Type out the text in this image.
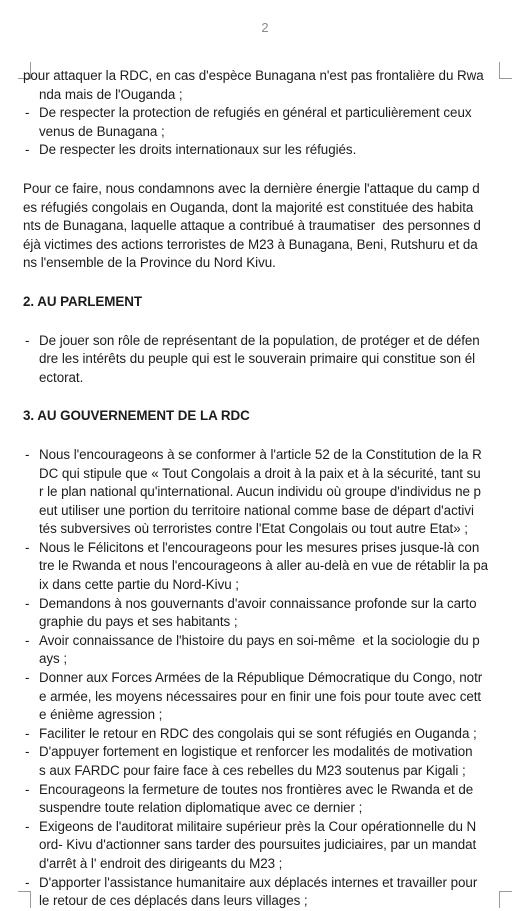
2
pour attaquer la RDC, en cas d'espèce Bunagana n'est pas frontalière du Rwa
nda mais de l'Ouganda ;
- De respecter la protection de refugiés en général et particulièrement ceux
venus de Bunagana ;
- De respecter les droits internationaux sur les réfugiés.
Pour ce faire, nous condamnons avec la dernière énergie l'attaque du camp d
es réfugiés congolais en Ouganda, dont la majorité est constituée des habita
nts de Bunagana, laquelle attaque a contribué à traumatiser  des personnes d
éjà victimes des actions terroristes de M23 à Bunagana, Beni, Rutshuru et da
ns l'ensemble de la Province du Nord Kivu.
2. AU PARLEMENT
- De jouer son rôle de représentant de la population, de protéger et de défen
dre les intérêts du peuple qui est le souverain primaire qui constitue son él
ectorat.
3. AU GOUVERNEMENT DE LA RDC
- Nous l'encourageons à se conformer à l'article 52 de la Constitution de la R
DC qui stipule que « Tout Congolais a droit à la paix et à la sécurité, tant su
r le plan national qu'international. Aucun individu où groupe d'individus ne p
eut utiliser une portion du territoire national comme base de départ d'activi
tés subversives où terroristes contre l'Etat Congolais ou tout autre Etat» ;
- Nous le Félicitons et l'encourageons pour les mesures prises jusque-là con
tre le Rwanda et nous l'encourageons à aller au-delà en vue de rétablir la pa
ix dans cette partie du Nord-Kivu ;
- Demandons à nos gouvernants d'avoir connaissance profonde sur la carto
graphie du pays et ses habitants ;
- Avoir connaissance de l'histoire du pays en soi-même  et la sociologie du p
ays ;
- Donner aux Forces Armées de la République Démocratique du Congo, notr
e armée, les moyens nécessaires pour en finir une fois pour toute avec cett
e énième agression ;
- Faciliter le retour en RDC des congolais qui se sont réfugiés en Ouganda ;
- D'appuyer fortement en logistique et renforcer les modalités de motivation
s aux FARDC pour faire face à ces rebelles du M23 soutenus par Kigali ;
- Encourageons la fermeture de toutes nos frontières avec le Rwanda et de
suspendre toute relation diplomatique avec ce dernier ;
- Exigeons de l'auditorat militaire supérieur près la Cour opérationnelle du N
ord- Kivu d'actionner sans tarder des poursuites judiciaires, par un mandat
d'arrêt à l' endroit des dirigeants du M23 ;
- D'apporter l'assistance humanitaire aux déplacés internes et travailler pour
le retour de ces déplacés dans leurs villages ;
